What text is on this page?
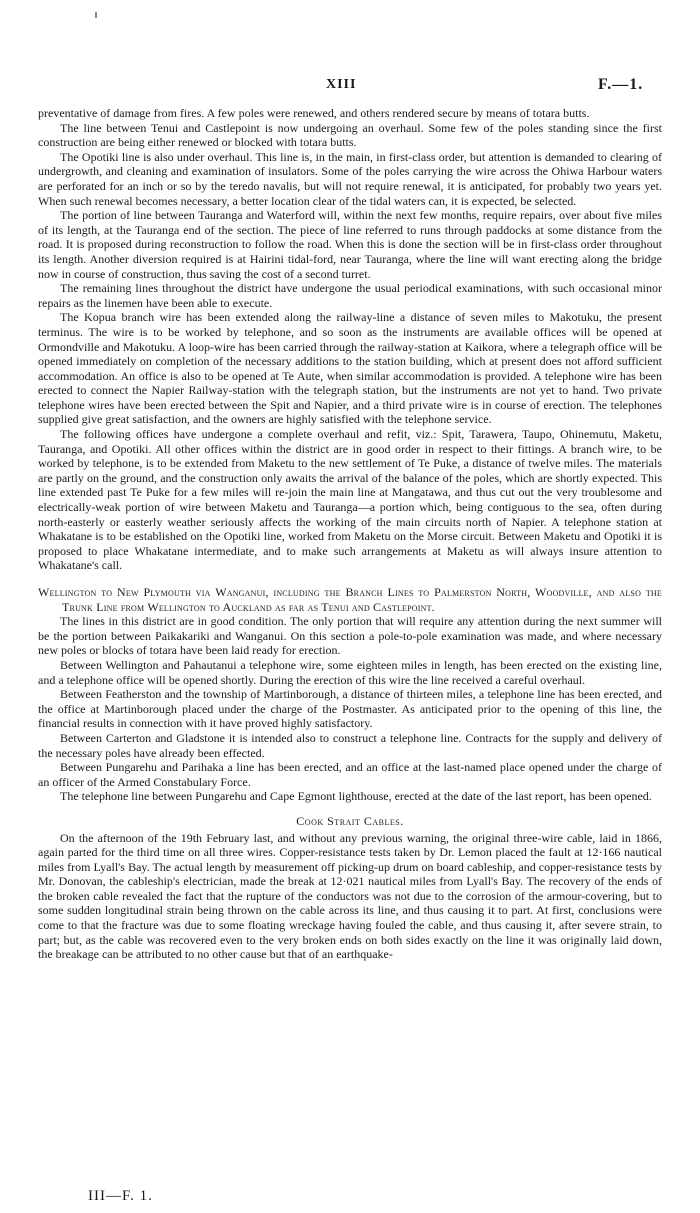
XIII	F.—1.

preventative of damage from fires. A few poles were renewed, and others rendered secure by means of totara butts.

The line between Tenui and Castlepoint is now undergoing an overhaul. Some few of the poles standing since the first construction are being either renewed or blocked with totara butts.

The Opotiki line is also under overhaul. This line is, in the main, in first-class order, but attention is demanded to clearing of undergrowth, and cleaning and examination of insulators. Some of the poles carrying the wire across the Ohiwa Harbour waters are perforated for an inch or so by the teredo navalis, but will not require renewal, it is anticipated, for probably two years yet. When such renewal becomes necessary, a better location clear of the tidal waters can, it is expected, be selected.

The portion of line between Tauranga and Waterford will, within the next few months, require repairs, over about five miles of its length, at the Tauranga end of the section. The piece of line referred to runs through paddocks at some distance from the road. It is proposed during reconstruction to follow the road. When this is done the section will be in first-class order throughout its length. Another diversion required is at Hairini tidal-ford, near Tauranga, where the line will want erecting along the bridge now in course of construction, thus saving the cost of a second turret.

The remaining lines throughout the district have undergone the usual periodical examinations, with such occasional minor repairs as the linemen have been able to execute.

The Kopua branch wire has been extended along the railway-line a distance of seven miles to Makotuku, the present terminus. The wire is to be worked by telephone, and so soon as the instruments are available offices will be opened at Ormondville and Makotuku. A loop-wire has been carried through the railway-station at Kaikora, where a telegraph office will be opened immediately on completion of the necessary additions to the station building, which at present does not afford sufficient accommodation. An office is also to be opened at Te Aute, when similar accommodation is provided. A telephone wire has been erected to connect the Napier Railway-station with the telegraph station, but the instruments are not yet to hand. Two private telephone wires have been erected between the Spit and Napier, and a third private wire is in course of erection. The telephones supplied give great satisfaction, and the owners are highly satisfied with the telephone service.

The following offices have undergone a complete overhaul and refit, viz.: Spit, Tarawera, Taupo, Ohinemutu, Maketu, Tauranga, and Opotiki. All other offices within the district are in good order in respect to their fittings. A branch wire, to be worked by telephone, is to be extended from Maketu to the new settlement of Te Puke, a distance of twelve miles. The materials are partly on the ground, and the construction only awaits the arrival of the balance of the poles, which are shortly expected. This line extended past Te Puke for a few miles will re-join the main line at Mangatawa, and thus cut out the very troublesome and electrically-weak portion of wire between Maketu and Tauranga—a portion which, being contiguous to the sea, often during north-easterly or easterly weather seriously affects the working of the main circuits north of Napier. A telephone station at Whakatane is to be established on the Opotiki line, worked from Maketu on the Morse circuit. Between Maketu and Opotiki it is proposed to place Whakatane intermediate, and to make such arrangements at Maketu as will always insure attention to Whakatane's call.

Wellington to New Plymouth via Wanganui, including the Branch Lines to Palmerston North, Woodville, and also the Trunk Line from Wellington to Auckland as far as Tenui and Castlepoint.

The lines in this district are in good condition. The only portion that will require any attention during the next summer will be the portion between Paikakariki and Wanganui. On this section a pole-to-pole examination was made, and where necessary new poles or blocks of totara have been laid ready for erection.

Between Wellington and Pahautanui a telephone wire, some eighteen miles in length, has been erected on the existing line, and a telephone office will be opened shortly. During the erection of this wire the line received a careful overhaul.

Between Featherston and the township of Martinborough, a distance of thirteen miles, a telephone line has been erected, and the office at Martinborough placed under the charge of the Postmaster. As anticipated prior to the opening of this line, the financial results in connection with it have proved highly satisfactory.

Between Carterton and Gladstone it is intended also to construct a telephone line. Contracts for the supply and delivery of the necessary poles have already been effected.

Between Pungarehu and Parihaka a line has been erected, and an office at the last-named place opened under the charge of an officer of the Armed Constabulary Force.

The telephone line between Pungarehu and Cape Egmont lighthouse, erected at the date of the last report, has been opened.

Cook Strait Cables.

On the afternoon of the 19th February last, and without any previous warning, the original three-wire cable, laid in 1866, again parted for the third time on all three wires. Copper-resistance tests taken by Dr. Lemon placed the fault at 12·166 nautical miles from Lyall's Bay. The actual length by measurement off picking-up drum on board cableship, and copper-resistance tests by Mr. Donovan, the cableship's electrician, made the break at 12·021 nautical miles from Lyall's Bay. The recovery of the ends of the broken cable revealed the fact that the rupture of the conductors was not due to the corrosion of the armour-covering, but to some sudden longitudinal strain being thrown on the cable across its line, and thus causing it to part. At first, conclusions were come to that the fracture was due to some floating wreckage having fouled the cable, and thus causing it, after severe strain, to part; but, as the cable was recovered even to the very broken ends on both sides exactly on the line it was originally laid down, the breakage can be attributed to no other cause but that of an earthquake-

III—F. 1.
